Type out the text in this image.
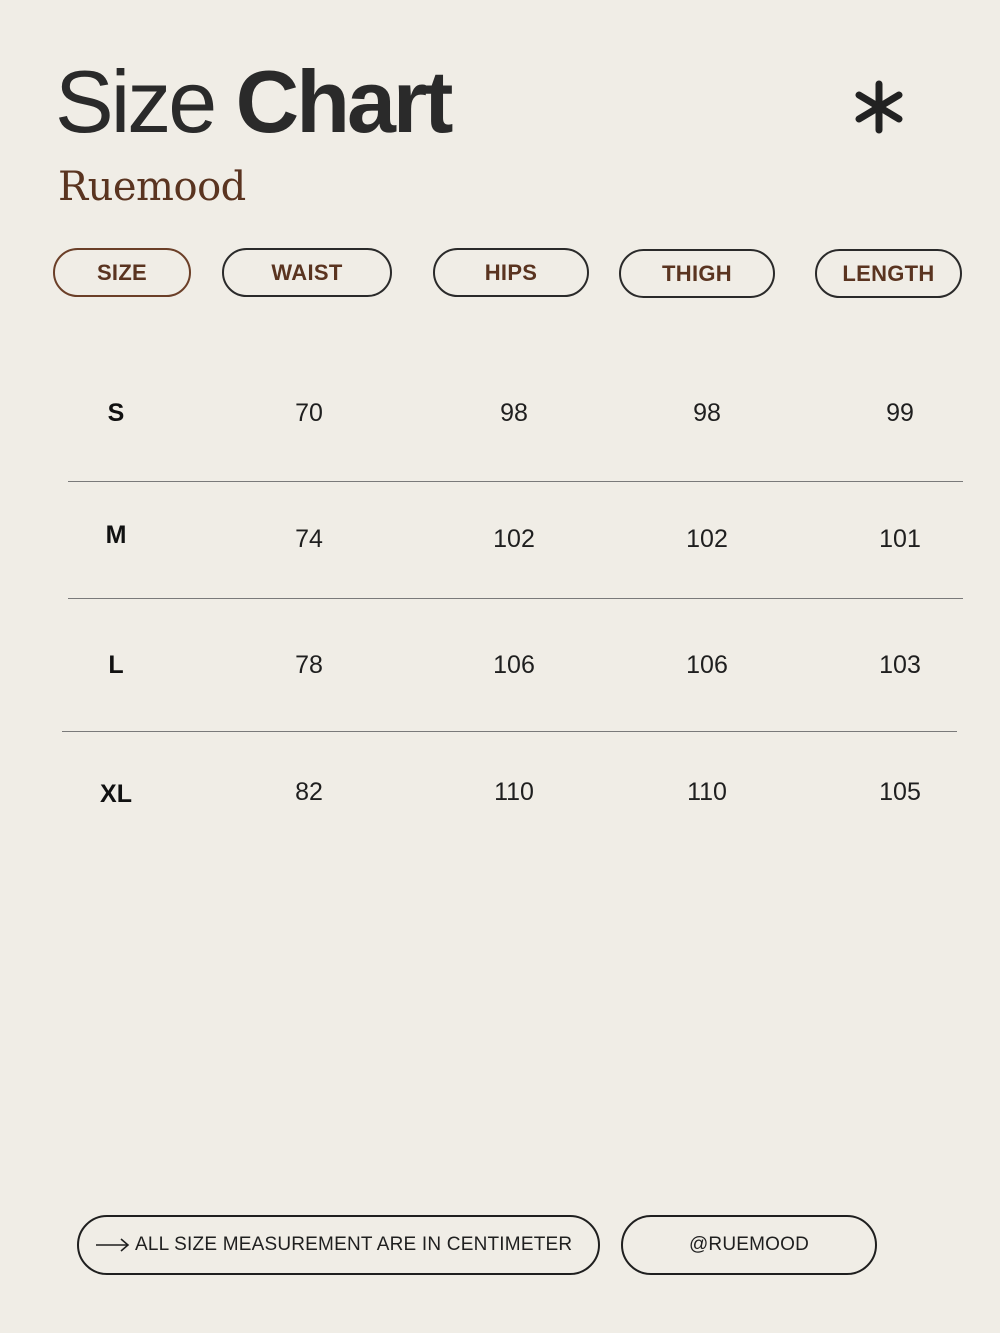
Size Chart

Ruemood

SIZE	WAIST	HIPS	THIGH	LENGTH
S	70	98	98	99
M	74	102	102	101
L	78	106	106	103
XL	82	110	110	105
ALL SIZE MEASUREMENT ARE IN CENTIMETER	@RUEMOOD
